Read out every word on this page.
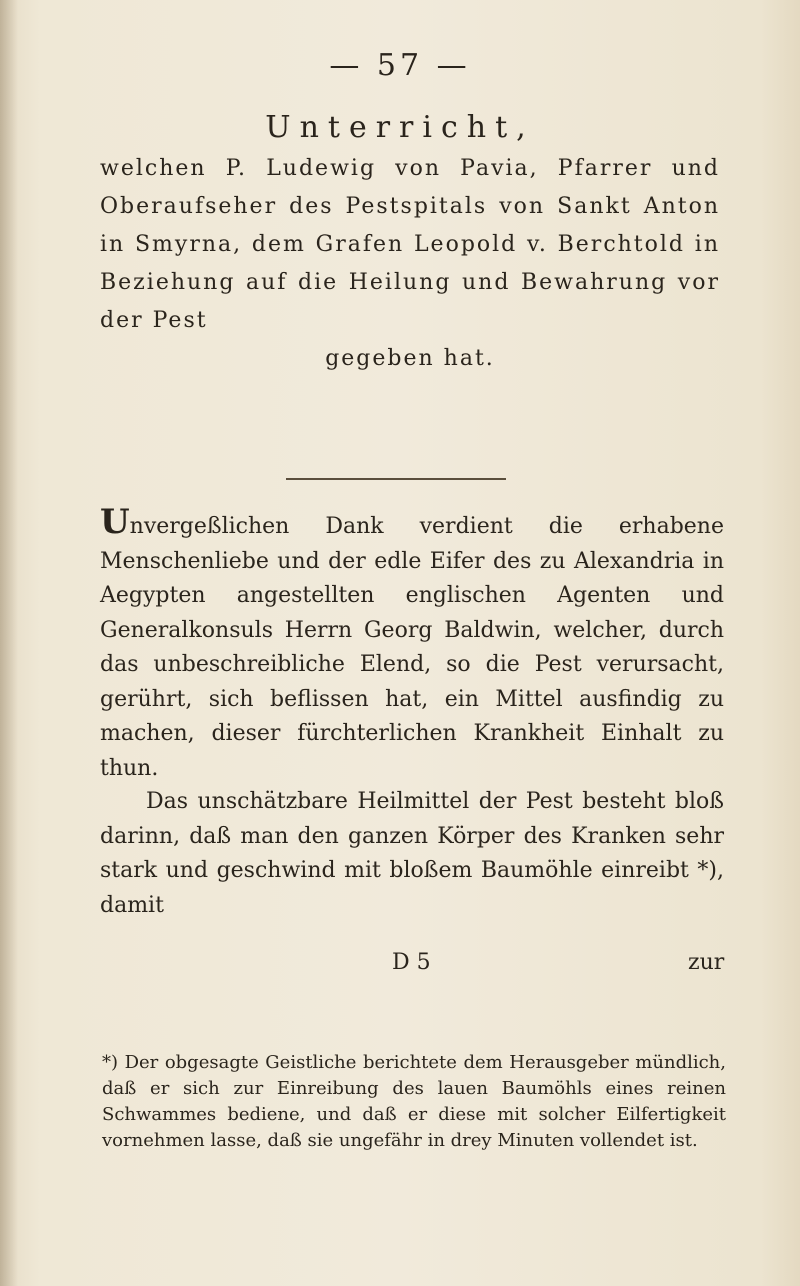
— 57 —
Unterricht,
welchen P. Ludewig von Pavia, Pfarrer und Oberaufseher des Pestspitals von Sankt Anton in Smyrna, dem Grafen Leopold v. Berchtold in Beziehung auf die Heilung und Bewahrung vor der Pest
gegeben hat.

Unvergeßlichen Dank verdient die erhabene Menschenliebe und der edle Eifer des zu Alexandria in Aegypten angestellten englischen Agenten und Generalkonsuls Herrn Georg Baldwin, welcher, durch das unbeschreibliche Elend, so die Pest verursacht, gerührt, sich beflissen hat, ein Mittel ausfindig zu machen, dieser fürchterlichen Krankheit Einhalt zu thun.

Das unschätzbare Heilmittel der Pest besteht bloß darinn, daß man den ganzen Körper des Kranken sehr stark und geschwind mit bloßem Baumöhle einreibt *), damit

D 5	zur
*) Der obgesagte Geistliche berichtete dem Herausgeber mündlich, daß er sich zur Einreibung des lauen Baumöhls eines reinen Schwammes bediene, und daß er diese mit solcher Eilfertigkeit vornehmen lasse, daß sie ungefähr in drey Minuten vollendet ist.
